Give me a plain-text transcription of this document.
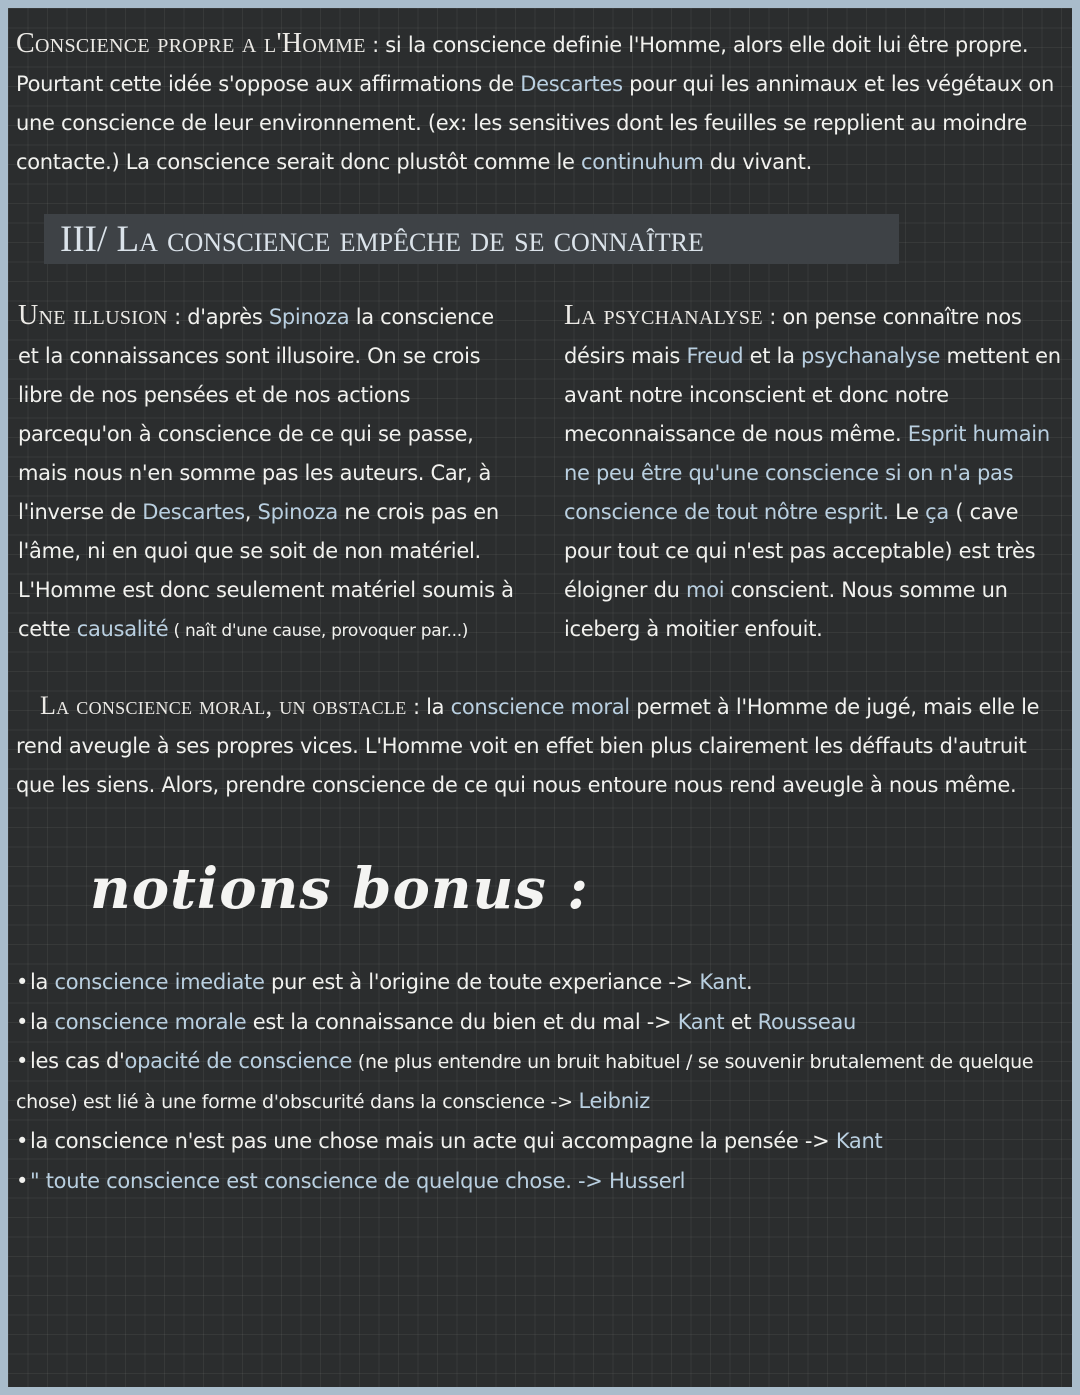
Conscience propre a l'Homme : si la conscience definie l'Homme, alors elle doit lui être propre. Pourtant cette idée s'oppose aux affirmations de Descartes pour qui les annimaux et les végétaux on une conscience de leur environnement. (ex: les sensitives dont les feuilles se repplient au moindre contacte.) La conscience serait donc plustôt comme le continuhum du vivant.

III/ La conscience empêche de se connaître

Une illusion : d'après Spinoza la conscience et la connaissances sont illusoire. On se crois libre de nos pensées et de nos actions parcequ'on à conscience de ce qui se passe, mais nous n'en somme pas les auteurs. Car, à l'inverse de Descartes, Spinoza ne crois pas en l'âme, ni en quoi que se soit de non matériel. L'Homme est donc seulement matériel soumis à cette causalité ( naît d'une cause, provoquer par...)

La psychanalyse : on pense connaître nos désirs mais Freud et la psychanalyse mettent en avant notre inconscient et donc notre meconnaissance de nous même. Esprit humain ne peu être qu'une conscience si on n'a pas conscience de tout nôtre esprit. Le ça ( cave pour tout ce qui n'est pas acceptable) est très éloigner du moi conscient. Nous somme un iceberg à moitier enfouit.

La conscience moral, un obstacle : la conscience moral permet à l'Homme de jugé, mais elle le rend aveugle à ses propres vices. L'Homme voit en effet bien plus clairement les déffauts d'autruit que les siens. Alors, prendre conscience de ce qui nous entoure nous rend aveugle à nous même.

notions bonus :
•la conscience imediate pur est à l'origine de toute experiance -> Kant.
•la conscience morale est la connaissance du bien et du mal -> Kant et Rousseau
•les cas d'opacité de conscience (ne plus entendre un bruit habituel / se souvenir brutalement de quelque chose) est lié à une forme d'obscurité dans la conscience -> Leibniz
•la conscience n'est pas une chose mais un acte qui accompagne la pensée -> Kant
•" toute conscience est conscience de quelque chose. -> Husserl
